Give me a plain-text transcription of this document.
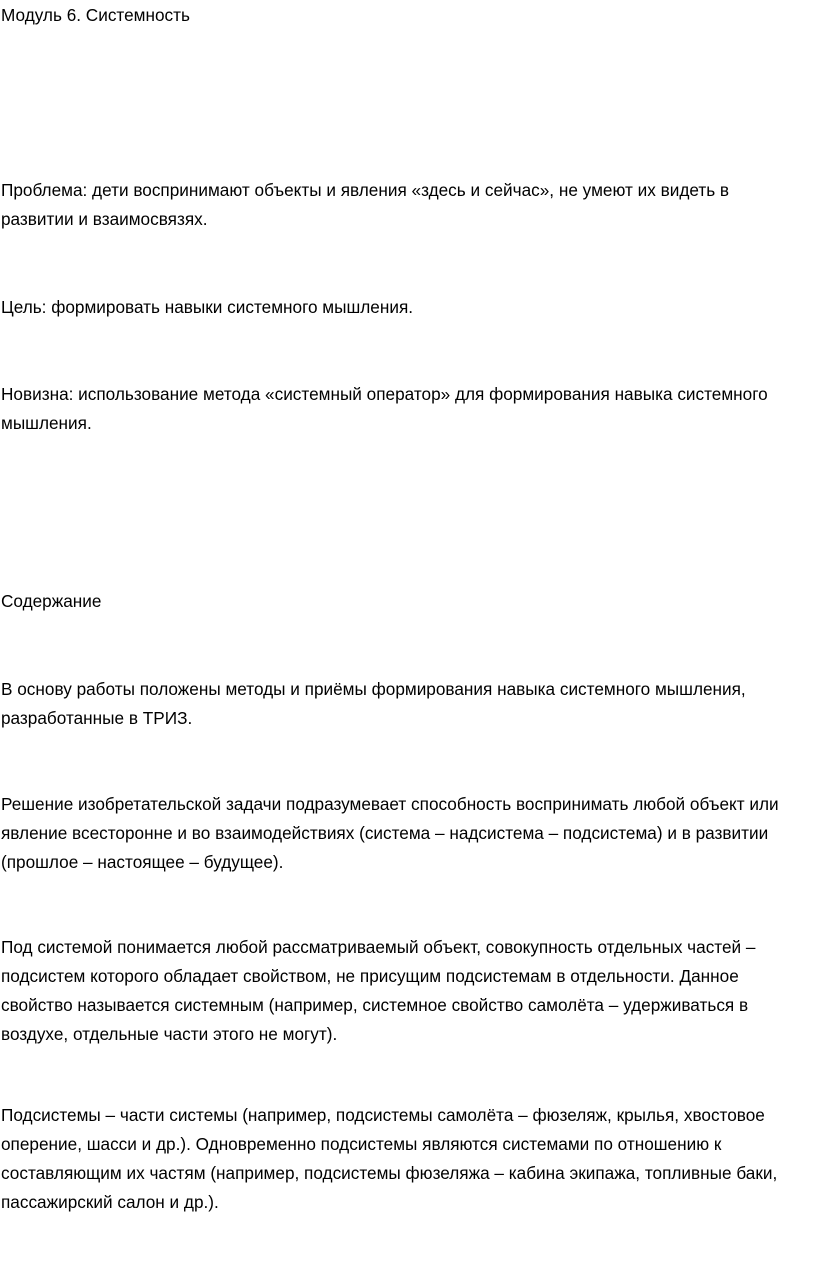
Модуль 6. Системность

Проблема: дети воспринимают объекты и явления «здесь и сейчас», не умеют их видеть в развитии и взаимосвязях.

Цель: формировать навыки системного мышления.

Новизна: использование метода «системный оператор» для формирования навыка системного мышления.

Содержание

В основу работы положены методы и приёмы формирования навыка системного мышления, разработанные в ТРИЗ.

Решение изобретательской задачи подразумевает способность воспринимать любой объект или явление всесторонне и во взаимодействиях (система – надсистема – подсистема) и в развитии (прошлое – настоящее – будущее).

Под системой понимается любой рассматриваемый объект, совокупность отдельных частей – подсистем которого обладает свойством, не присущим подсистемам в отдельности. Данное свойство называется системным (например, системное свойство самолёта – удерживаться в воздухе, отдельные части этого не могут).

Подсистемы – части системы (например, подсистемы самолёта – фюзеляж, крылья, хвостовое оперение, шасси и др.). Одновременно подсистемы являются системами по отношению к составляющим их частям (например, подсистемы фюзеляжа – кабина экипажа, топливные баки, пассажирский салон и др.).
